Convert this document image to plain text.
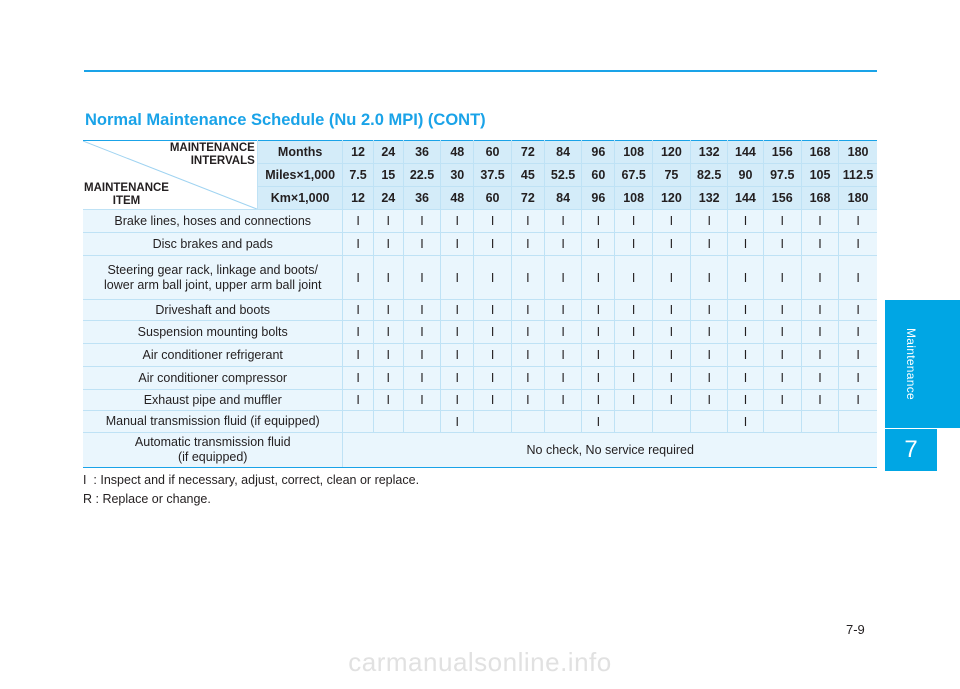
Normal Maintenance Schedule (Nu 2.0 MPI) (CONT)
MAINTENANCE
INTERVALS
MAINTENANCE
ITEM	Months	12	24	36	48	60	72	84	96	108	120	132	144	156	168	180
	Miles×1,000	7.5	15	22.5	30	37.5	45	52.5	60	67.5	75	82.5	90	97.5	105	112.5
	Km×1,000	12	24	36	48	60	72	84	96	108	120	132	144	156	168	180

Brake lines, hoses and connections		I	I	I	I	I	I	I	I	I	I	I	I	I	I	I

Disc brakes and pads		I	I	I	I	I	I	I	I	I	I	I	I	I	I	I

Steering gear rack, linkage and boots/
lower arm ball joint, upper arm ball joint		I	I	I	I	I	I	I	I	I	I	I	I	I	I	I

Driveshaft and boots		I	I	I	I	I	I	I	I	I	I	I	I	I	I	I

Suspension mounting bolts		I	I	I	I	I	I	I	I	I	I	I	I	I	I	I

Air conditioner refrigerant		I	I	I	I	I	I	I	I	I	I	I	I	I	I	I

Air conditioner compressor		I	I	I	I	I	I	I	I	I	I	I	I	I	I	I

Exhaust pipe and muffler		I	I	I	I	I	I	I	I	I	I	I	I	I	I	I

Manual transmission fluid (if equipped)					I				I				I			

Automatic transmission fluid
(if equipped)		No check, No service required														
I  : Inspect and if necessary, adjust, correct, clean or replace.
R : Replace or change.
Maintenance
7
7-9
carmanualsonline.info
